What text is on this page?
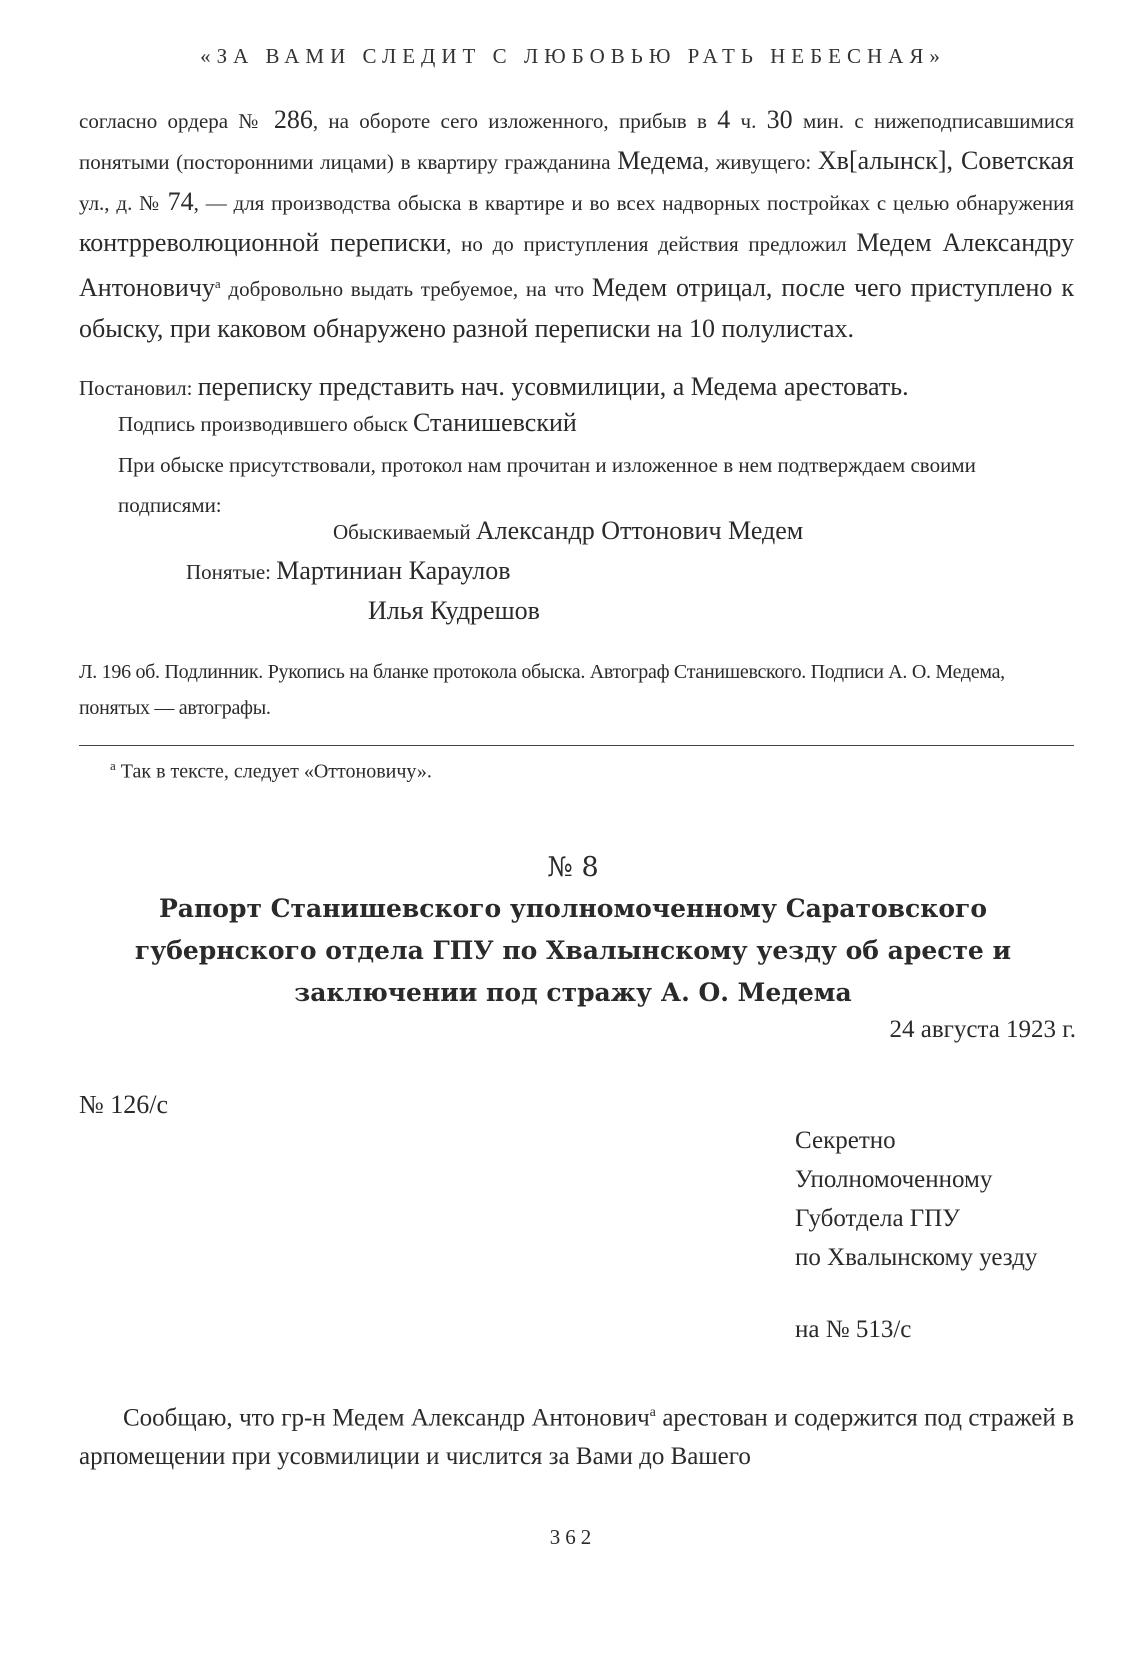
«ЗА ВАМИ СЛЕДИТ С ЛЮБОВЬЮ РАТЬ НЕБЕСНАЯ»
согласно ордера № 286, на обороте сего изложенного, прибыв в 4 ч. 30 мин. с нижеподписавшимися понятыми (посторонними лицами) в квартиру гражданина Медема, живущего: Хв[алынск], Советская ул., д. № 74, — для производства обыска в квартире и во всех надворных постройках с целью обнаружения контрреволюционной переписки, но до приступления действия предложил Медем Александру Антоновичу$^а$ добровольно выдать требуемое, на что Медем отрицал, после чего приступлено к обыску, при каковом обнаружено разной переписки на 10 полулистах.
Постановил: переписку представить нач. усовмилиции, а Медема арестовать.
Подпись производившего обыск Станишевский
При обыске присутствовали, протокол нам прочитан и изложенное в нем подтверждаем своими подписями:
Обыскиваемый Александр Оттонович Медем
Понятые: Мартиниан Караулов
Илья Кудрешов
Л. 196 об. Подлинник. Рукопись на бланке протокола обыска. Автограф Станишевского. Подписи А. О. Медема, понятых — автографы.
$^а$ Так в тексте, следует «Оттоновичу».
№ 8
Рапорт Станишевского уполномоченному Саратовского губернского отдела ГПУ по Хвалынскому уезду об аресте и заключении под стражу А. О. Медема
24 августа 1923 г.
№ 126/с
Секретно
Уполномоченному
Губотдела ГПУ
по Хвалынскому уезду
на № 513/с
Сообщаю, что гр-н Медем Александр Антонович$^а$ арестован и содержится под стражей в арпомещении при усовмилиции и числится за Вами до Вашего
362
